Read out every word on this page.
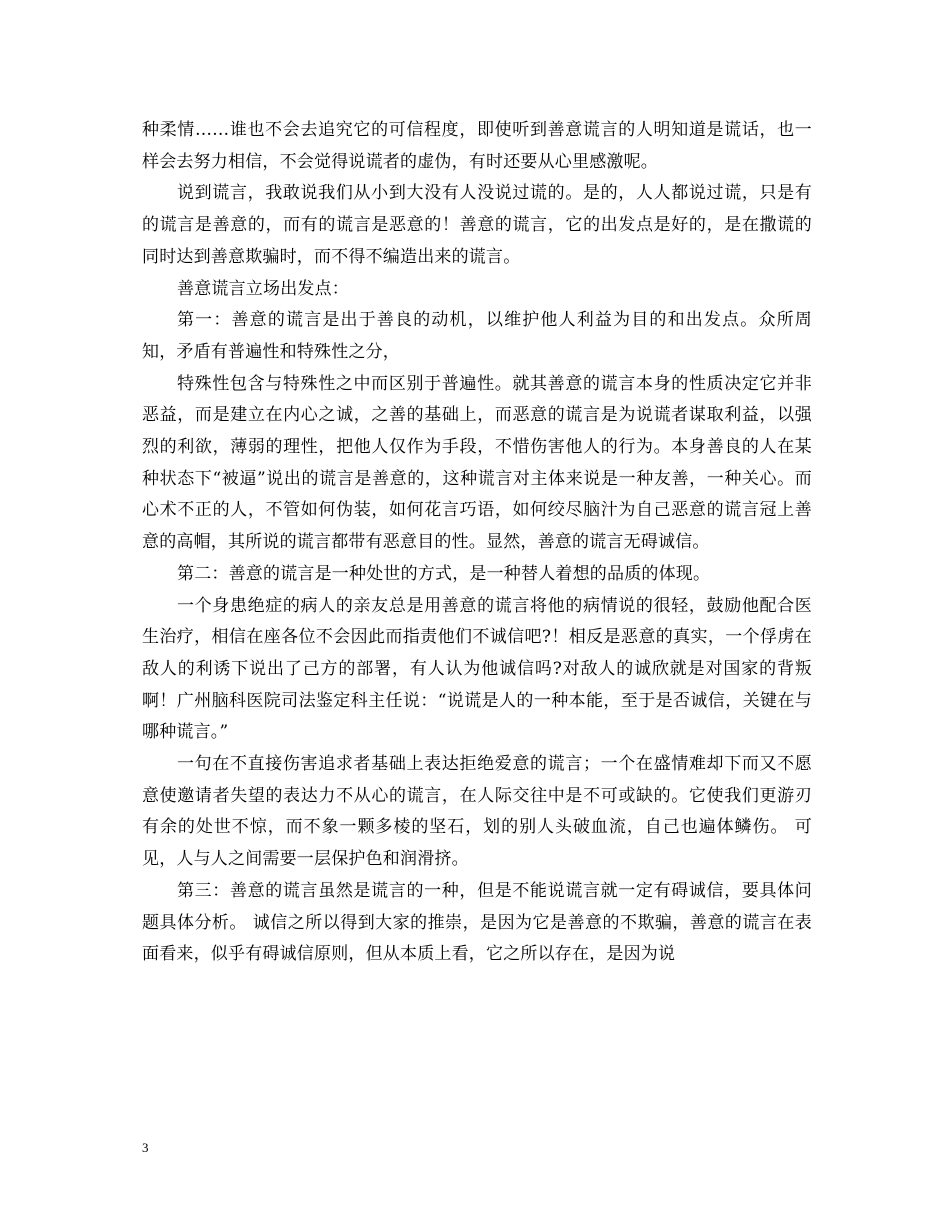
种柔情……谁也不会去追究它的可信程度，即使听到善意谎言的人明知道是谎话，也一样会去努力相信，不会觉得说谎者的虚伪，有时还要从心里感激呢。

说到谎言，我敢说我们从小到大没有人没说过谎的。是的，人人都说过谎，只是有的谎言是善意的，而有的谎言是恶意的！善意的谎言，它的出发点是好的，是在撒谎的同时达到善意欺骗时，而不得不编造出来的谎言。

善意谎言立场出发点：

第一：善意的谎言是出于善良的动机，以维护他人利益为目的和出发点。众所周知，矛盾有普遍性和特殊性之分，

特殊性包含与特殊性之中而区别于普遍性。就其善意的谎言本身的性质决定它并非恶益，而是建立在内心之诚，之善的基础上，而恶意的谎言是为说谎者谋取利益，以强烈的利欲，薄弱的理性，把他人仅作为手段，不惜伤害他人的行为。本身善良的人在某种状态下“被逼”说出的谎言是善意的，这种谎言对主体来说是一种友善，一种关心。而心术不正的人，不管如何伪装，如何花言巧语，如何绞尽脑汁为自己恶意的谎言冠上善意的高帽，其所说的谎言都带有恶意目的性。显然，善意的谎言无碍诚信。

第二：善意的谎言是一种处世的方式，是一种替人着想的品质的体现。

一个身患绝症的病人的亲友总是用善意的谎言将他的病情说的很轻，鼓励他配合医生治疗，相信在座各位不会因此而指责他们不诚信吧?！相反是恶意的真实，一个俘虏在敌人的利诱下说出了己方的部署，有人认为他诚信吗?对敌人的诚欣就是对国家的背叛啊！广州脑科医院司法鉴定科主任说：“说谎是人的一种本能，至于是否诚信，关键在与哪种谎言。”

一句在不直接伤害追求者基础上表达拒绝爱意的谎言；一个在盛情难却下而又不愿意使邀请者失望的表达力不从心的谎言，在人际交往中是不可或缺的。它使我们更游刃有余的处世不惊，而不象一颗多棱的坚石，划的别人头破血流，自己也遍体鳞伤。 可见，人与人之间需要一层保护色和润滑挤。

第三：善意的谎言虽然是谎言的一种，但是不能说谎言就一定有碍诚信，要具体问题具体分析。 诚信之所以得到大家的推崇，是因为它是善意的不欺骗，善意的谎言在表面看来，似乎有碍诚信原则，但从本质上看，它之所以存在，是因为说

3
